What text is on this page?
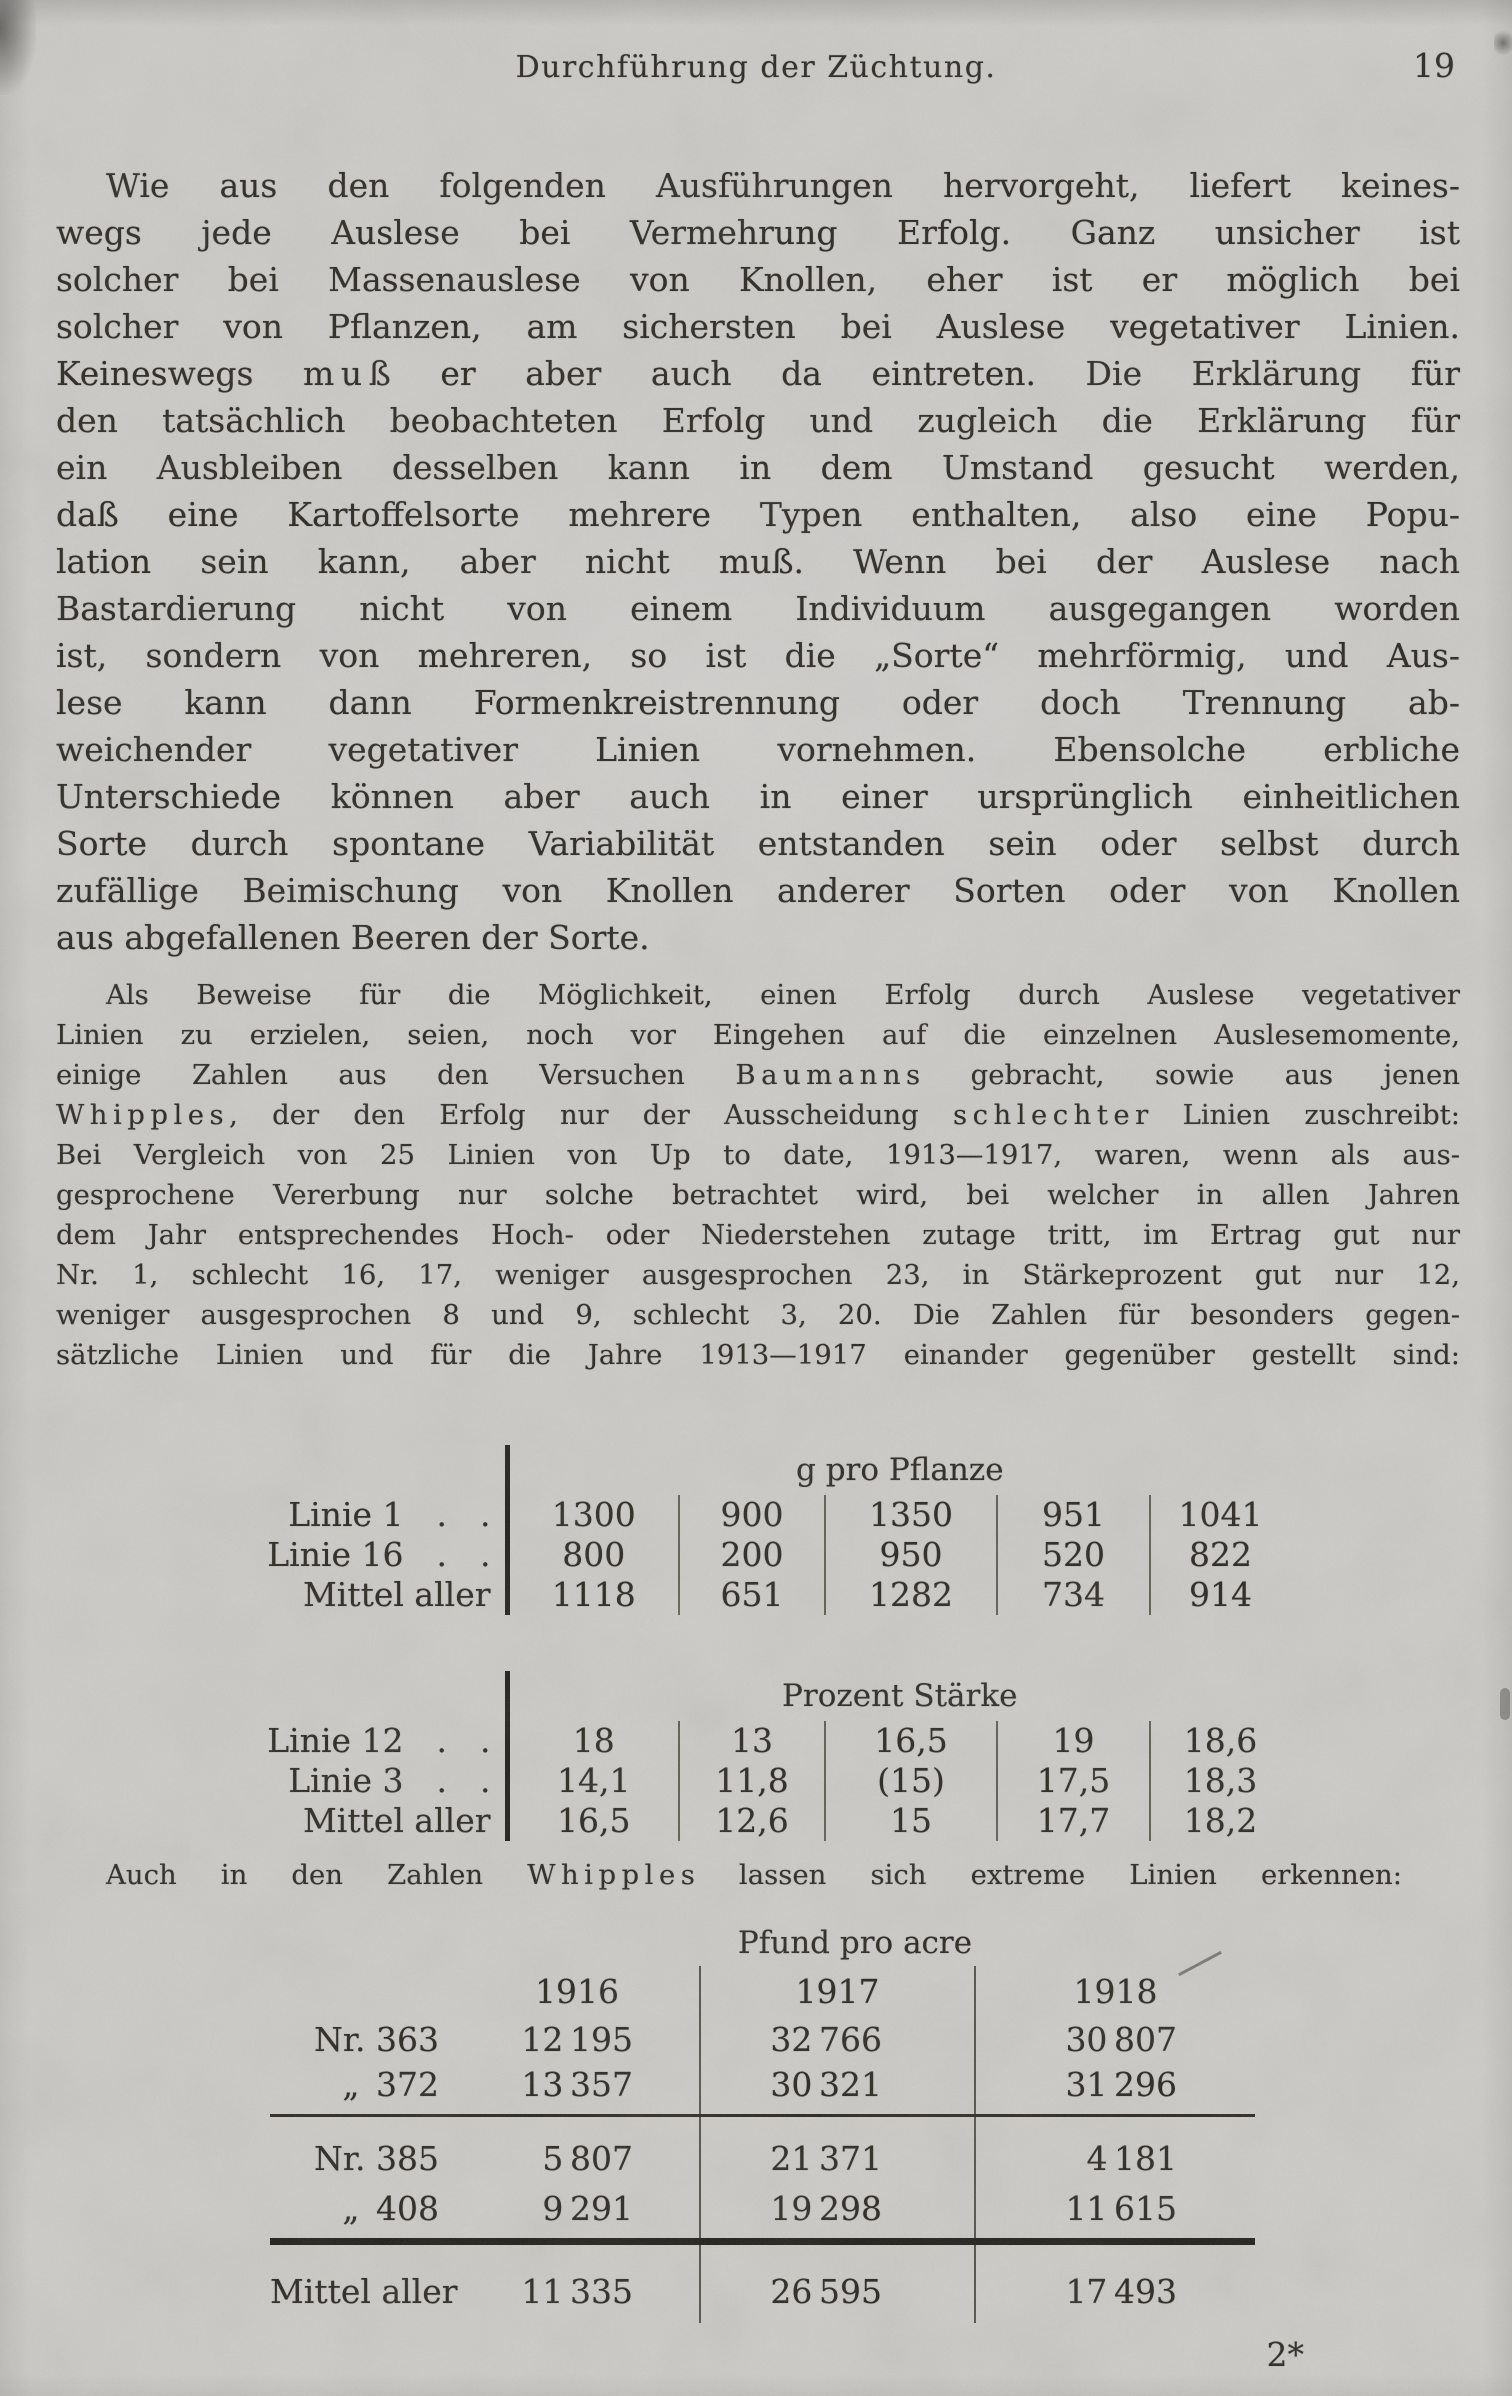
Durchführung der Züchtung.	19
Wie aus den folgenden Ausführungen hervorgeht, liefert keines-
wegs jede Auslese bei Vermehrung Erfolg. Ganz unsicher ist
solcher bei Massenauslese von Knollen, eher ist er möglich bei
solcher von Pflanzen, am sichersten bei Auslese vegetativer Linien.
Keineswegs m u ß er aber auch da eintreten. Die Erklärung für
den tatsächlich beobachteten Erfolg und zugleich die Erklärung für
ein Ausbleiben desselben kann in dem Umstand gesucht werden,
daß eine Kartoffelsorte mehrere Typen enthalten, also eine Popu-
lation sein kann, aber nicht muß. Wenn bei der Auslese nach
Bastardierung nicht von einem Individuum ausgegangen worden
ist, sondern von mehreren, so ist die „Sorte“ mehrförmig, und Aus-
lese kann dann Formenkreistrennung oder doch Trennung ab-
weichender vegetativer Linien vornehmen. Ebensolche erbliche
Unterschiede können aber auch in einer ursprünglich einheitlichen
Sorte durch spontane Variabilität entstanden sein oder selbst durch
zufällige Beimischung von Knollen anderer Sorten oder von Knollen
aus abgefallenen Beeren der Sorte.
Als Beweise für die Möglichkeit, einen Erfolg durch Auslese vegetativer
Linien zu erzielen, seien, noch vor Eingehen auf die einzelnen Auslesemomente,
einige Zahlen aus den Versuchen B a u m a n n s gebracht, sowie aus jenen
W h i p p l e s , der den Erfolg nur der Ausscheidung s c h l e c h t e r Linien zuschreibt:
Bei Vergleich von 25 Linien von Up to date, 1913—1917, waren, wenn als aus-
gesprochene Vererbung nur solche betrachtet wird, bei welcher in allen Jahren
dem Jahr entsprechendes Hoch- oder Niederstehen zutage tritt, im Ertrag gut nur
Nr. 1, schlecht 16, 17, weniger ausgesprochen 23, in Stärkeprozent gut nur 12,
weniger ausgesprochen 8 und 9, schlecht 3, 20. Die Zahlen für besonders gegen-
sätzliche Linien und für die Jahre 1913—1917 einander gegenüber gestellt sind:
	g pro Pflanze				
Linie 1 . .	1300	900	1350	951	1041
Linie 16 . .	800	200	950	520	822
Mittel aller	1118	651	1282	734	914
	Prozent Stärke				
Linie 12 . .	18	13	16,5	19	18,6
Linie 3 . .	14,1	11,8	(15)	17,5	18,3
Mittel aller	16,5	12,6	15	17,7	18,2
Auch in den Zahlen W h i p p l e s lassen sich extreme Linien erkennen:
	Pfund pro acre		
	1916	1917	1918
Nr. 363	12 195	32 766	30 807
„ 372	13 357	30 321	31 296
Nr. 385	5 807	21 371	4 181
„ 408	9 291	19 298	11 615
Mittel aller	11 335	26 595	17 493
2*
